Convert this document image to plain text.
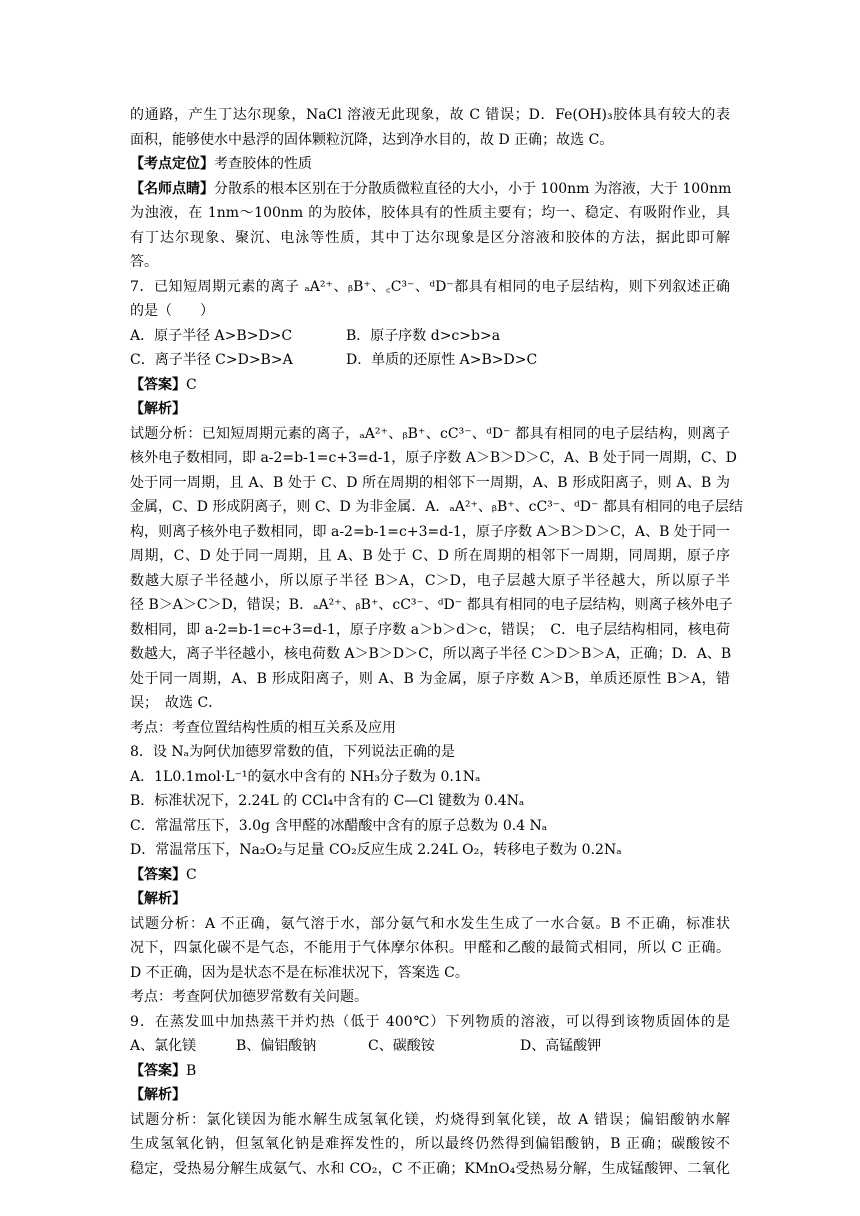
的通路，产生丁达尔现象，NaCl 溶液无此现象，故 C 错误；D．Fe(OH)₃胶体具有较大的表
面积，能够使水中悬浮的固体颗粒沉降，达到净水目的，故 D 正确；故选 C。
【考点定位】考查胶体的性质
【名师点睛】分散系的根本区别在于分散质微粒直径的大小，小于 100nm 为溶液，大于 100nm
为浊液，在 1nm～100nm 的为胶体，胶体具有的性质主要有；均一、稳定、有吸附作业，具
有丁达尔现象、聚沉、电泳等性质，其中丁达尔现象是区分溶液和胶体的方法，据此即可解
答。
7．已知短周期元素的离子 ₐA²⁺、ᵦB⁺、꜀C³⁻、ᵈD⁻都具有相同的电子层结构，则下列叙述正确
的是（　　）
A．原子半径 A>B>D>C	B．原子序数 d>c>b>a
C．离子半径 C>D>B>A	D．单质的还原性 A>B>D>C
【答案】C
【解析】
试题分析：已知短周期元素的离子，ₐA²⁺、ᵦB⁺、cC³⁻、ᵈD⁻ 都具有相同的电子层结构，则离子
核外电子数相同，即 a-2=b-1=c+3=d-1，原子序数 A＞B＞D＞C，A、B 处于同一周期，C、D
处于同一周期，且 A、B 处于 C、D 所在周期的相邻下一周期，A、B 形成阳离子，则 A、B 为
金属，C、D 形成阴离子，则 C、D 为非金属．A．ₐA²⁺、ᵦB⁺、cC³⁻、ᵈD⁻ 都具有相同的电子层结
构，则离子核外电子数相同，即 a-2=b-1=c+3=d-1，原子序数 A＞B＞D＞C，A、B 处于同一
周期，C、D 处于同一周期，且 A、B 处于 C、D 所在周期的相邻下一周期，同周期，原子序
数越大原子半径越小，所以原子半径 B＞A，C＞D，电子层越大原子半径越大，所以原子半
径 B＞A＞C＞D，错误；B．ₐA²⁺、ᵦB⁺、cC³⁻、ᵈD⁻ 都具有相同的电子层结构，则离子核外电子
数相同，即 a-2=b-1=c+3=d-1，原子序数 a＞b＞d＞c，错误；　C．电子层结构相同，核电荷
数越大，离子半径越小，核电荷数 A＞B＞D＞C，所以离子半径 C＞D＞B＞A，正确；D．A、B
处于同一周期，A、B 形成阳离子，则 A、B 为金属，原子序数 A＞B，单质还原性 B＞A，错
误；　故选 C．
考点：考查位置结构性质的相互关系及应用
8．设 Nₐ为阿伏加德罗常数的值，下列说法正确的是
A．1L0.1mol·L⁻¹的氨水中含有的 NH₃分子数为 0.1Nₐ
B．标准状况下，2.24L 的 CCl₄中含有的 C—Cl 键数为 0.4Nₐ
C．常温常压下，3.0g 含甲醛的冰醋酸中含有的原子总数为 0.4 Nₐ
D．常温常压下，Na₂O₂与足量 CO₂反应生成 2.24L O₂，转移电子数为 0.2Nₐ
【答案】C
【解析】
试题分析：A 不正确，氨气溶于水，部分氨气和水发生生成了一水合氨。B 不正确，标准状
况下，四氯化碳不是气态，不能用于气体摩尔体积。甲醛和乙酸的最简式相同，所以 C 正确。
D 不正确，因为是状态不是在标准状况下，答案选 C。
考点：考查阿伏加德罗常数有关问题。
9．在蒸发皿中加热蒸干并灼热（低于 400℃）下列物质的溶液，可以得到该物质固体的是
A、氯化镁	B、偏铝酸钠	C、碳酸铵	D、高锰酸钾
【答案】B
【解析】
试题分析：氯化镁因为能水解生成氢氧化镁，灼烧得到氧化镁，故 A 错误；偏铝酸钠水解
生成氢氧化钠，但氢氧化钠是难挥发性的，所以最终仍然得到偏铝酸钠，B 正确；碳酸铵不
稳定，受热易分解生成氨气、水和 CO₂，C 不正确；KMnO₄受热易分解，生成锰酸钾、二氧化
